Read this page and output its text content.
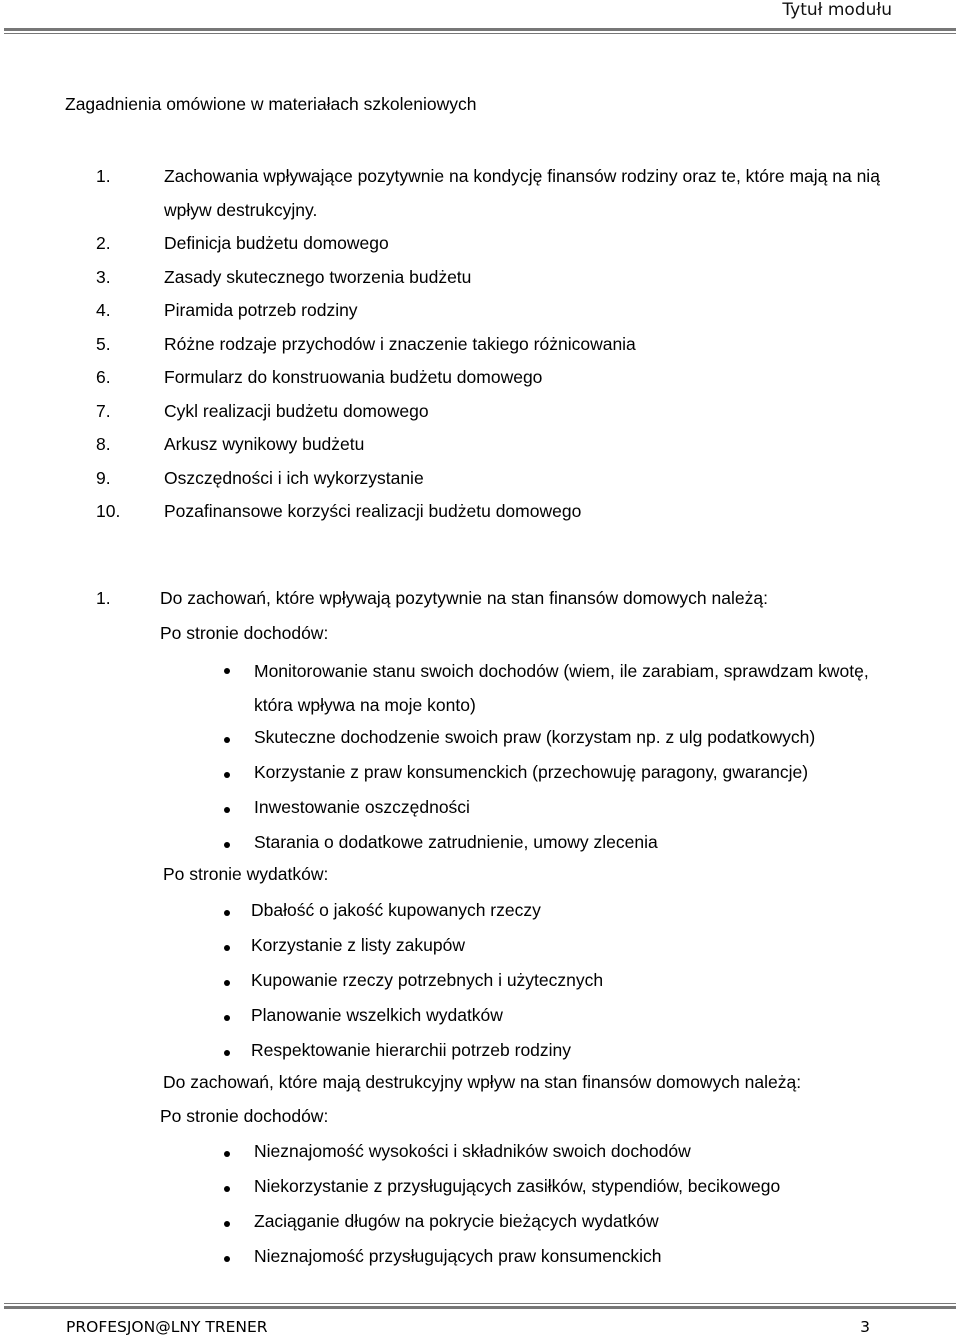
Tytuł modułu
Zagadnienia omówione w materiałach szkoleniowych
1.	Zachowania wpływające pozytywnie na kondycję finansów rodziny oraz te, które mają na nią wpływ destrukcyjny.
2.	Definicja budżetu domowego
3.	Zasady skutecznego tworzenia budżetu
4.	Piramida potrzeb rodziny
5.	Różne rodzaje przychodów i znaczenie takiego różnicowania
6.	Formularz do konstruowania budżetu domowego
7.	Cykl realizacji budżetu domowego
8.	Arkusz wynikowy budżetu
9.	Oszczędności i ich wykorzystanie
10. Pozafinansowe korzyści realizacji budżetu domowego
1.	Do zachowań, które wpływają pozytywnie na stan finansów domowych należą:
Po stronie dochodów:
Monitorowanie stanu swoich dochodów (wiem, ile zarabiam, sprawdzam kwotę, która wpływa na moje konto)
Skuteczne dochodzenie swoich praw (korzystam np. z ulg podatkowych)
Korzystanie z praw konsumenckich (przechowuję paragony, gwarancje)
Inwestowanie oszczędności
Starania o dodatkowe zatrudnienie, umowy zlecenia
Po stronie wydatków:
Dbałość o jakość kupowanych rzeczy
Korzystanie z listy zakupów
Kupowanie rzeczy potrzebnych i użytecznych
Planowanie wszelkich wydatków
Respektowanie hierarchii potrzeb rodziny
Do zachowań, które mają destrukcyjny wpływ na stan finansów domowych należą:
Po stronie dochodów:
Nieznajomość wysokości i składników swoich dochodów
Niekorzystanie z przysługujących zasiłków, stypendiów, becikowego
Zaciąganie długów na pokrycie bieżących wydatków
Nieznajomość przysługujących praw konsumenckich
PROFESJON@LNY TRENER	3
